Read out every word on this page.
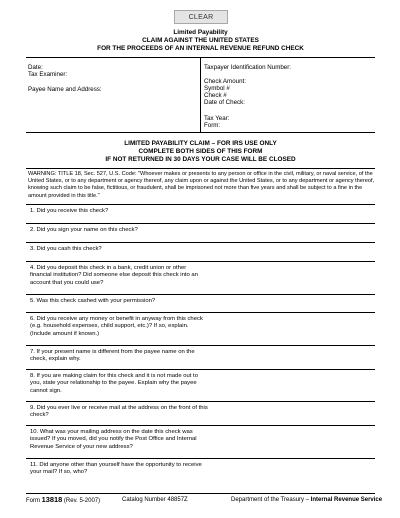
CLEAR
Limited Payability
CLAIM AGAINST THE UNITED STATES
FOR THE PROCEEDS OF AN INTERNAL REVENUE REFUND CHECK
Date:
Tax Examiner:
Payee Name and Address:
Taxpayer Identification Number:
Check Amount:
Symbol #
Check #
Date of Check:
Tax Year:
Form:
LIMITED PAYABILITY CLAIM – FOR IRS USE ONLY
COMPLETE BOTH SIDES OF THIS FORM
IF NOT RETURNED IN 30 DAYS YOUR CASE WILL BE CLOSED
WARNING: TITLE 18, Sec. 527, U.S. Code: "Whoever makes or presents to any person or office in the civil, military, or naval service, of the United States, or to any department or agency thereof, any claim upon or against the United States, or to any department or agency thereof, knowing such claim to be false, fictitious, or fraudulent, shall be imprisoned not more than five years and shall be subject to a fine in the amount provided in this title."
1. Did you receive this check?
2. Did you sign your name on this check?
3. Did you cash this check?
4. Did you deposit this check in a bank, credit union or other financial institution? Did someone else deposit this check into an account that you could use?
5. Was this check cashed with your permission?
6. Did you receive any money or benefit in anyway from this check (e.g. household expenses, child support, etc.)? If so, explain. (Include amount if known.)
7. If your present name is different from the payee name on the check, explain why.
8. If you are making claim for this check and it is not made out to you, state your relationship to the payee. Explain why the payee cannot sign.
9. Did you ever live or receive mail at the address on the front of this check?
10. What was your mailing address on the date this check was issued? If you moved, did you notify the Post Office and Internal Revenue Service of your new address?
11. Did anyone other than yourself have the opportunity to receive your mail? If so, who?
Form 13818 (Rev. 5-2007)	Catalog Number 48857Z	Department of the Treasury – Internal Revenue Service
